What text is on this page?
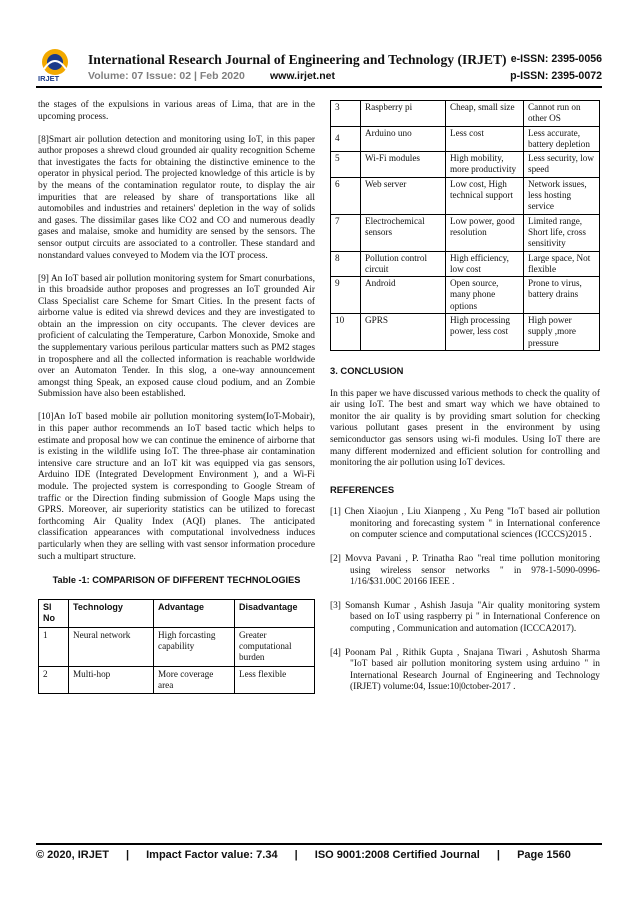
IRJET
International Research Journal of Engineering and Technology (IRJET) e-ISSN: 2395-0056
Volume: 07 Issue: 02 | Feb 2020 www.irjet.net	p-ISSN: 2395-0072

the stages of the expulsions in various areas of Lima, that are in the upcoming process.

[8]Smart air pollution detection and monitoring using IoT, in this paper author proposes a shrewd cloud grounded air quality recognition Scheme that investigates the facts for obtaining the distinctive eminence to the operator in physical period. The projected knowledge of this article is by by the means of the contamination regulator route, to display the air impurities that are released by share of transportations like all automobiles and industries and retainers' depletion in the way of solids and gases. The dissimilar gases like CO2 and CO and numerous deadly gases and malaise, smoke and humidity are sensed by the sensors. The sensor output circuits are associated to a controller. These standard and nonstandard values conveyed to Modem via the IOT process.

[9] An IoT based air pollution monitoring system for Smart conurbations, in this broadside author proposes and progresses an IoT grounded Air Class Specialist care Scheme for Smart Cities. In the present facts of airborne value is edited via shrewd devices and they are investigated to obtain an the impression on city occupants. The clever devices are proficient of calculating the Temperature, Carbon Monoxide, Smoke and the supplementary various perilous particular matters such as PM2 stages in troposphere and all the collected information is reachable worldwide over an Automaton Tender. In this slog, a one-way announcement amongst thing Speak, an exposed cause cloud podium, and an Zombie Submission have also been established.

[10]An IoT based mobile air pollution monitoring system(IoT-Mobair), in this paper author recommends an IoT based tactic which helps to estimate and proposal how we can continue the eminence of airborne that is existing in the wildlife using IoT. The three-phase air contamination intensive care structure and an IoT kit was equipped via gas sensors, Arduino IDE (Integrated Development Environment ), and a Wi-Fi module. The projected system is corresponding to Google Stream of traffic or the Direction finding submission of Google Maps using the GPRS. Moreover, air superiority statistics can be utilized to forecast forthcoming Air Quality Index (AQI) planes. The anticipated classification appearances with computational involvedness induces particularly when they are selling with vast sensor information procedure such a multipart structure.

Table -1: COMPARISON OF DIFFERENT TECHNOLOGIES
Sl No	Technology	Advantage	Disadvantage
1	Neural network	High forcasting capability	Greater computational burden
2	Multi-hop	More coverage area	Less flexible
3	Raspberry pi	Cheap, small size	Cannot run on other OS
4	Arduino uno	Less cost	Less accurate, battery depletion
5	Wi-Fi modules	High mobility, more productivity	Less security, low speed
6	Web server	Low cost, High technical support	Network issues, less hosting service
7	Electrochemical sensors	Low power, good resolution	Limited range, Short life, cross sensitivity
8	Pollution control circuit	High efficiency, low cost	Large space, Not flexible
9	Android	Open source, many phone options	Prone to virus, battery drains
10	GPRS	High processing power, less cost	High power supply ,more pressure
3. CONCLUSION

In this paper we have discussed various methods to check the quality of air using IoT. The best and smart way which we have obtained to monitor the air quality is by providing smart solution for checking various pollutant gases present in the environment by using semiconductor gas sensors using wi-fi modules. Using IoT there are many different modernized and efficient solution for controlling and monitoring the air pollution using IoT devices.

REFERENCES
[1] Chen Xiaojun , Liu Xianpeng , Xu Peng "IoT based air pollution monitoring and forecasting system " in International conference on computer science and computational sciences (ICCCS)2015 .
[2] Movva Pavani , P. Trinatha Rao "real time pollution monitoring using wireless sensor networks " in 978-1-5090-0996-1/16/$31.00C 20166 IEEE .
[3] Somansh Kumar , Ashish Jasuja "Air quality monitoring system based on IoT using raspberry pi " in International Conference on computing , Communication and automation (ICCCA2017).
[4] Poonam Pal , Rithik Gupta , Snajana Tiwari , Ashutosh Sharma "IoT based air pollution monitoring system using arduino " in International Research Journal of Engineering and Technology (IRJET) volume:04, Issue:10|0ctober-2017 .
© 2020, IRJET | Impact Factor value: 7.34 | ISO 9001:2008 Certified Journal | Page 1560
